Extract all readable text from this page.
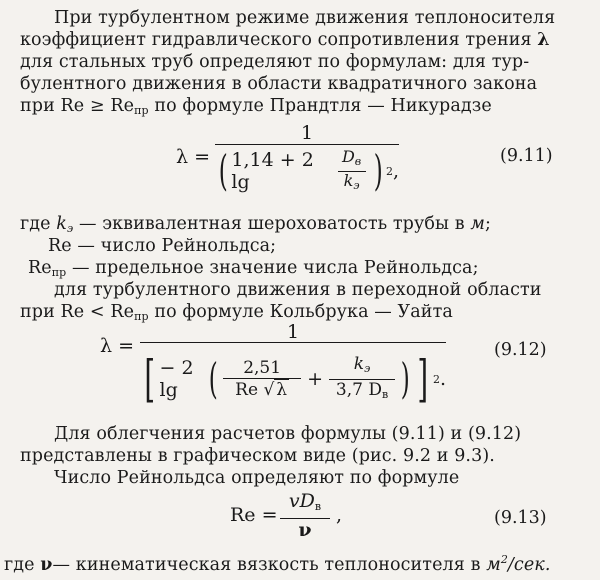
При турбулентном режиме движения теплоносителя
коэффициент гидравлического сопротивления трения λ
для стальных труб определяют по формулам: для тур-
булентного движения в области квадратичного закона
при $Re \ge Re_{пр}$ по формуле Прандтля — Никурадзе
λ =
1
( 1,14 + 2 lg
$D_в$
$k_э$ ) 2 ,
(9.11)
где $k_э$ — эквивалентная шероховатость трубы в м;
Re — число Рейнольдса;
$Re_{пр}$ — предельное значение числа Рейнольдса;
для турбулентного движения в переходной области
при $Re < Re_{пр}$ по формуле Кольбрука — Уайта
λ =
1
[ − 2 lg ( 2,51
Re √ λ +
$k_э$
3,7 $D_в$ ) ] 2 .
(9.12)
Для облегчения расчетов формулы (9.11) и (9.12)
представлены в графическом виде (рис. 9.2 и 9.3).
Число Рейнольдса определяют по формуле
Re =
$vD_в$
ν
,	(9.13)
где ν— кинематическая вязкость теплоносителя в $м^2$/сек.
